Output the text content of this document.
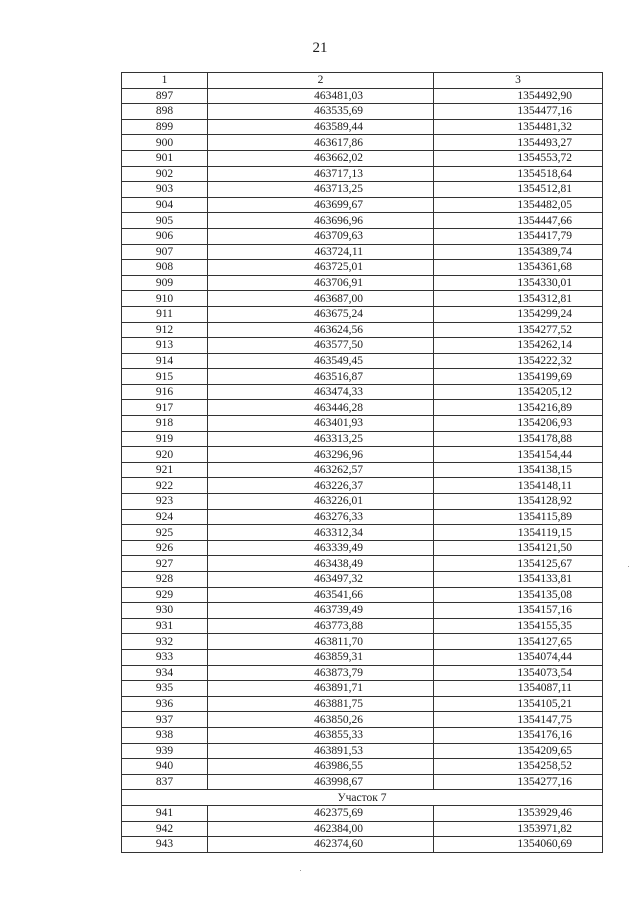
21
1	2	3
897	463481,03	1354492,90
898	463535,69	1354477,16
899	463589,44	1354481,32
900	463617,86	1354493,27
901	463662,02	1354553,72
902	463717,13	1354518,64
903	463713,25	1354512,81
904	463699,67	1354482,05
905	463696,96	1354447,66
906	463709,63	1354417,79
907	463724,11	1354389,74
908	463725,01	1354361,68
909	463706,91	1354330,01
910	463687,00	1354312,81
911	463675,24	1354299,24
912	463624,56	1354277,52
913	463577,50	1354262,14
914	463549,45	1354222,32
915	463516,87	1354199,69
916	463474,33	1354205,12
917	463446,28	1354216,89
918	463401,93	1354206,93
919	463313,25	1354178,88
920	463296,96	1354154,44
921	463262,57	1354138,15
922	463226,37	1354148,11
923	463226,01	1354128,92
924	463276,33	1354115,89
925	463312,34	1354119,15
926	463339,49	1354121,50
927	463438,49	1354125,67
928	463497,32	1354133,81
929	463541,66	1354135,08
930	463739,49	1354157,16
931	463773,88	1354155,35
932	463811,70	1354127,65
933	463859,31	1354074,44
934	463873,79	1354073,54
935	463891,71	1354087,11
936	463881,75	1354105,21
937	463850,26	1354147,75
938	463855,33	1354176,16
939	463891,53	1354209,65
940	463986,55	1354258,52
837	463998,67	1354277,16
Участок 7		
941	462375,69	1353929,46
942	462384,00	1353971,82
943	462374,60	1354060,69
